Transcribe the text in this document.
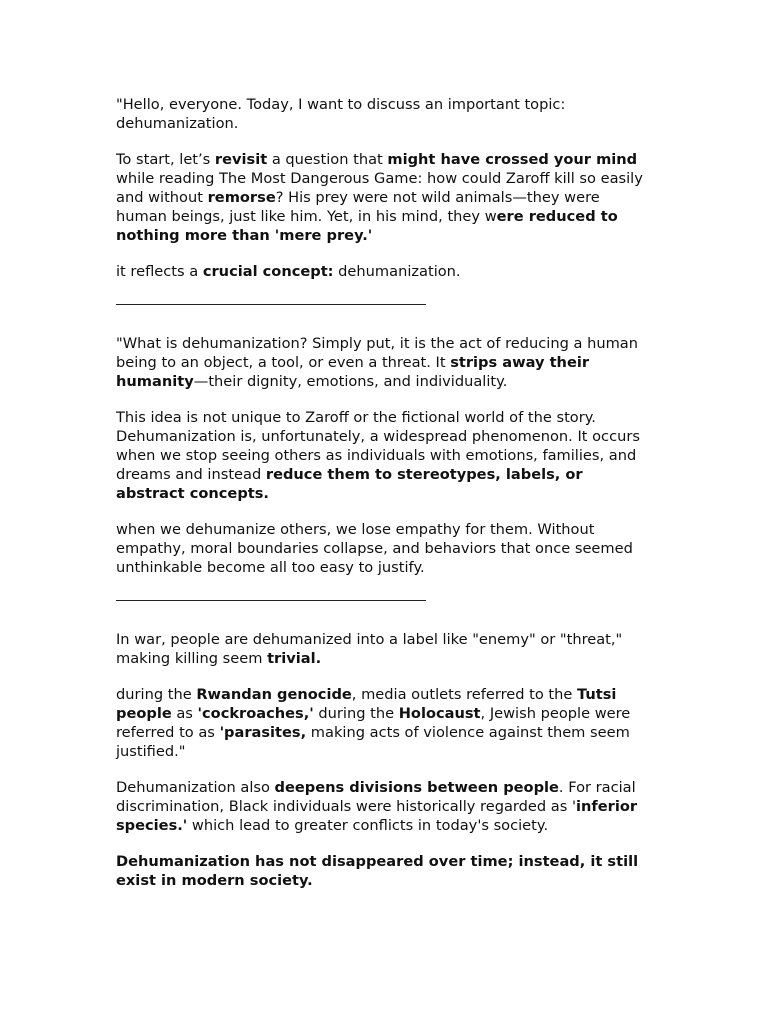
"Hello, everyone. Today, I want to discuss an important topic: dehumanization.

To start, let’s revisit a question that might have crossed your mind while reading The Most Dangerous Game: how could Zaroff kill so easily and without remorse? His prey were not wild animals—they were human beings, just like him. Yet, in his mind, they were reduced to nothing more than 'mere prey.'

it reflects a crucial concept: dehumanization.

"What is dehumanization? Simply put, it is the act of reducing a human being to an object, a tool, or even a threat. It strips away their humanity—their dignity, emotions, and individuality.

This idea is not unique to Zaroff or the fictional world of the story. Dehumanization is, unfortunately, a widespread phenomenon. It occurs when we stop seeing others as individuals with emotions, families, and dreams and instead reduce them to stereotypes, labels, or abstract concepts.

when we dehumanize others, we lose empathy for them. Without empathy, moral boundaries collapse, and behaviors that once seemed unthinkable become all too easy to justify.

In war, people are dehumanized into a label like "enemy" or "threat," making killing seem trivial.

during the Rwandan genocide, media outlets referred to the Tutsi people as 'cockroaches,' during the Holocaust, Jewish people were referred to as 'parasites, making acts of violence against them seem justified."

Dehumanization also deepens divisions between people. For racial discrimination, Black individuals were historically regarded as 'inferior species.' which lead to greater conflicts in today's society.

Dehumanization has not disappeared over time; instead, it still exist in modern society.
